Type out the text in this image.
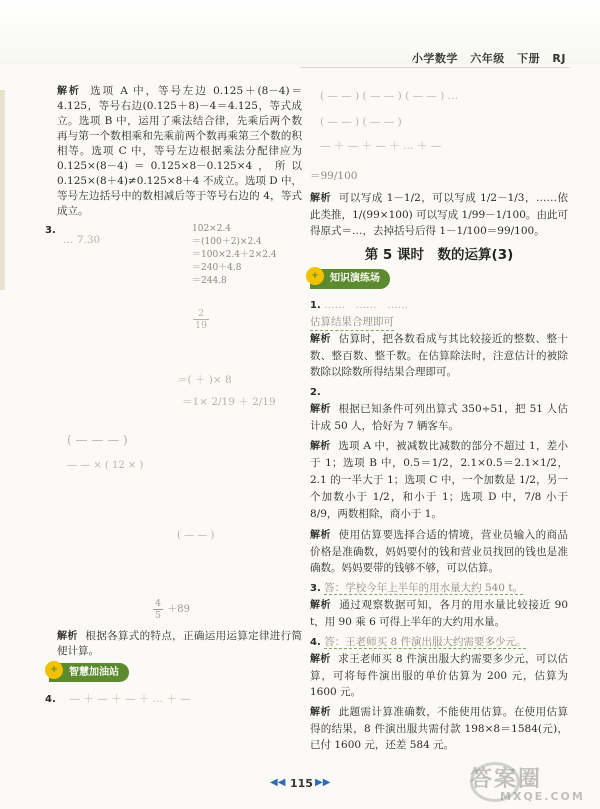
小学数学 六年级 下册 RJ

解析 选项 A 中，等号左边 0.125＋(8－4)＝4.125，等号右边(0.125＋8)－4＝4.125，等式成立。选项 B 中，运用了乘法结合律，先乘后两个数再与第一个数相乘和先乘前两个数再乘第三个数的积相等。选项 C 中，等号左边根据乘法分配律应为 0.125×(8－4)＝0.125×8－0.125×4，所以 0.125×(8＋4)≠0.125×8＋4 不成立。选项 D 中，等号左边括号中的数相减后等于等号右边的 4，等式成立。

3.
… 7.30
102×2.4
＝(100＋2)×2.4
＝100×2.4＋2×2.4
＝240＋4.8
＝244.8
$\frac{2}{19}$
＝( ＋ )× 8
＝1× 2/19 ＋ 2/19
( — — — )
— — × ( 12 × )
( — — )
$\frac{4}{5} +89$

解析 根据各算式的特点，正确运用运算定律进行简便计算。

+	智慧加油站
4. 　— ＋ — ＋ — ＋ … ＋ —
( — — ) ( — — ) ( — — ) …
( — — ) ( — — )
— ＋ — ＋ — ＋ … ＋ —
＝99/100

解析 可以写成 1－1/2，可以写成 1/2－1/3，……依此类推，1/(99×100) 可以写成 1/99－1/100。由此可得原式＝…，去掉括号后得 1－1/100＝99/100。

第 5 课时　数的运算(3)
+	知识演练场
1. ……　……　……
估算结果合理即可

解析 估算时，把各数看成与其比较接近的整数、整十数、整百数、整千数。在估算除法时，注意估计的被除数除以除数所得结果合理即可。

2.

解析 根据已知条件可列出算式 350÷51，把 51 人估计成 50 人，恰好为 7 辆客车。

解析 选项 A 中，被减数比减数的部分不超过 1，差小于 1；选项 B 中，0.5＝1/2，2.1×0.5＝2.1×1/2，2.1 的一半大于 1；选项 C 中，一个加数是 1/2，另一个加数小于 1/2，和小于 1；选项 D 中，7/8 小于 8/9，两数相除，商小于 1。

解析 使用估算要选择合适的情境，营业员输入的商品价格是准确数，妈妈要付的钱和营业员找回的钱也是准确数。妈妈要带的钱够不够，可以估算。

3. 答：学校今年上半年的用水量大约 540 t。

解析 通过观察数据可知，各月的用水量比较接近 90 t，用 90 乘 6 可得上半年的大约用水量。

4. 答：王老师买 8 件演出服大约需要多少元。

解析 求王老师买 8 件演出服大约需要多少元，可以估算，可将每件演出服的单价估算为 200 元，估算为 1600 元。

解析 此题需计算准确数，不能使用估算。在使用估算得的结果，8 件演出服共需付款 198×8＝1584(元)，已付 1600 元，还差 584 元。

◀◀ 115 ▶▶	答案圈
MXQE.COM
